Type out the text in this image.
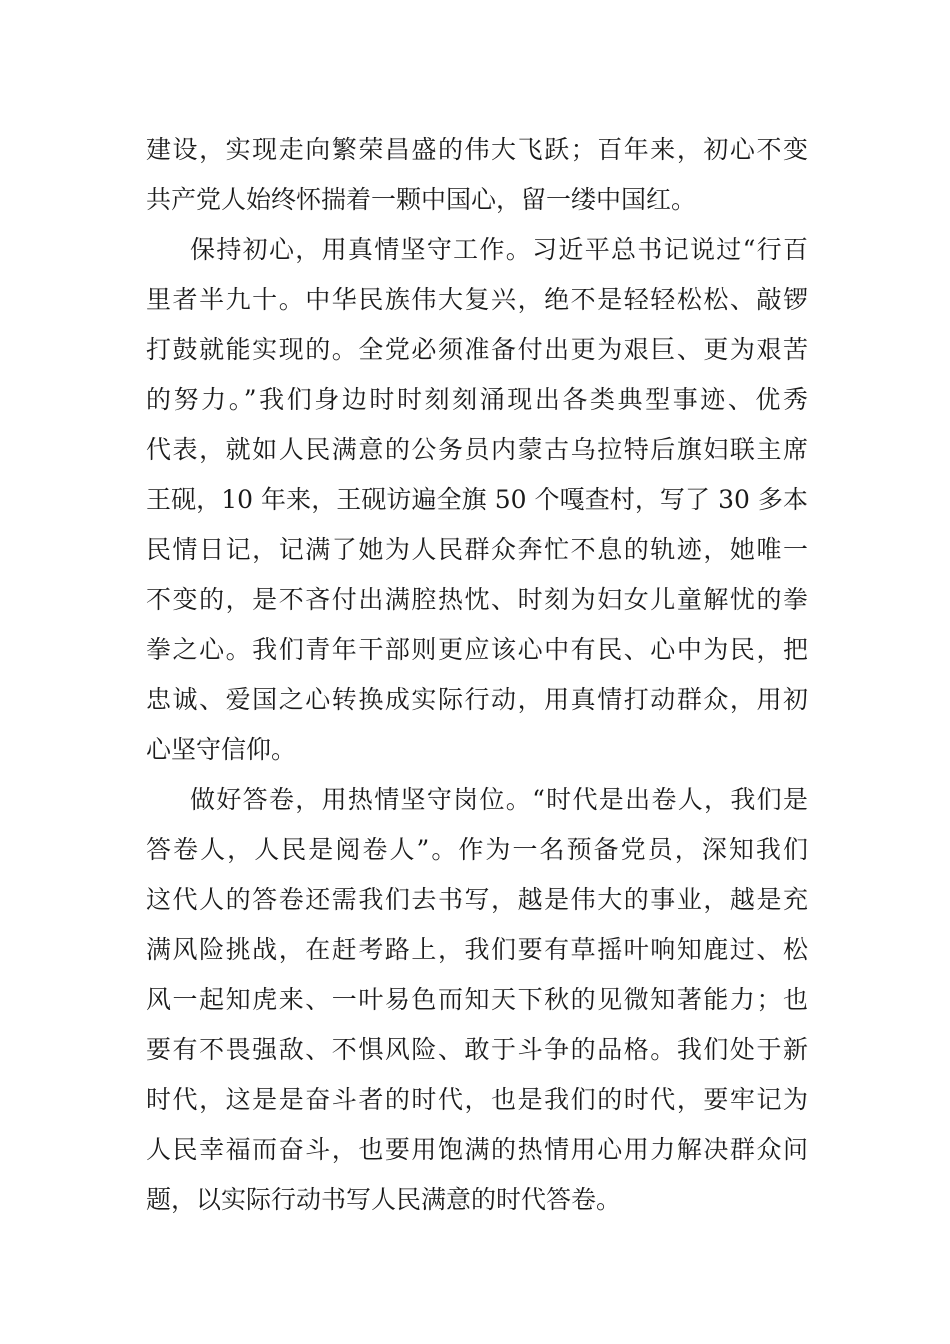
建设，实现走向繁荣昌盛的伟大飞跃；百年来，初心不变
共产党人始终怀揣着一颗中国心，留一缕中国红。
保持初心，用真情坚守工作。习近平总书记说过“行百
里者半九十。中华民族伟大复兴，绝不是轻轻松松、敲锣
打鼓就能实现的。全党必须准备付出更为艰巨、更为艰苦
的努力。”我们身边时时刻刻涌现出各类典型事迹、优秀
代表，就如人民满意的公务员内蒙古乌拉特后旗妇联主席
王砚，10 年来，王砚访遍全旗 50 个嘎查村，写了 30 多本
民情日记，记满了她为人民群众奔忙不息的轨迹，她唯一
不变的，是不吝付出满腔热忱、时刻为妇女儿童解忧的拳
拳之心。我们青年干部则更应该心中有民、心中为民，把
忠诚、爱国之心转换成实际行动，用真情打动群众，用初
心坚守信仰。
做好答卷，用热情坚守岗位。“时代是出卷人，我们是
答卷人，人民是阅卷人”。作为一名预备党员，深知我们
这代人的答卷还需我们去书写，越是伟大的事业，越是充
满风险挑战，在赶考路上，我们要有草摇叶响知鹿过、松
风一起知虎来、一叶易色而知天下秋的见微知著能力；也
要有不畏强敌、不惧风险、敢于斗争的品格。我们处于新
时代，这是是奋斗者的时代，也是我们的时代，要牢记为
人民幸福而奋斗，也要用饱满的热情用心用力解决群众问
题，以实际行动书写人民满意的时代答卷。
